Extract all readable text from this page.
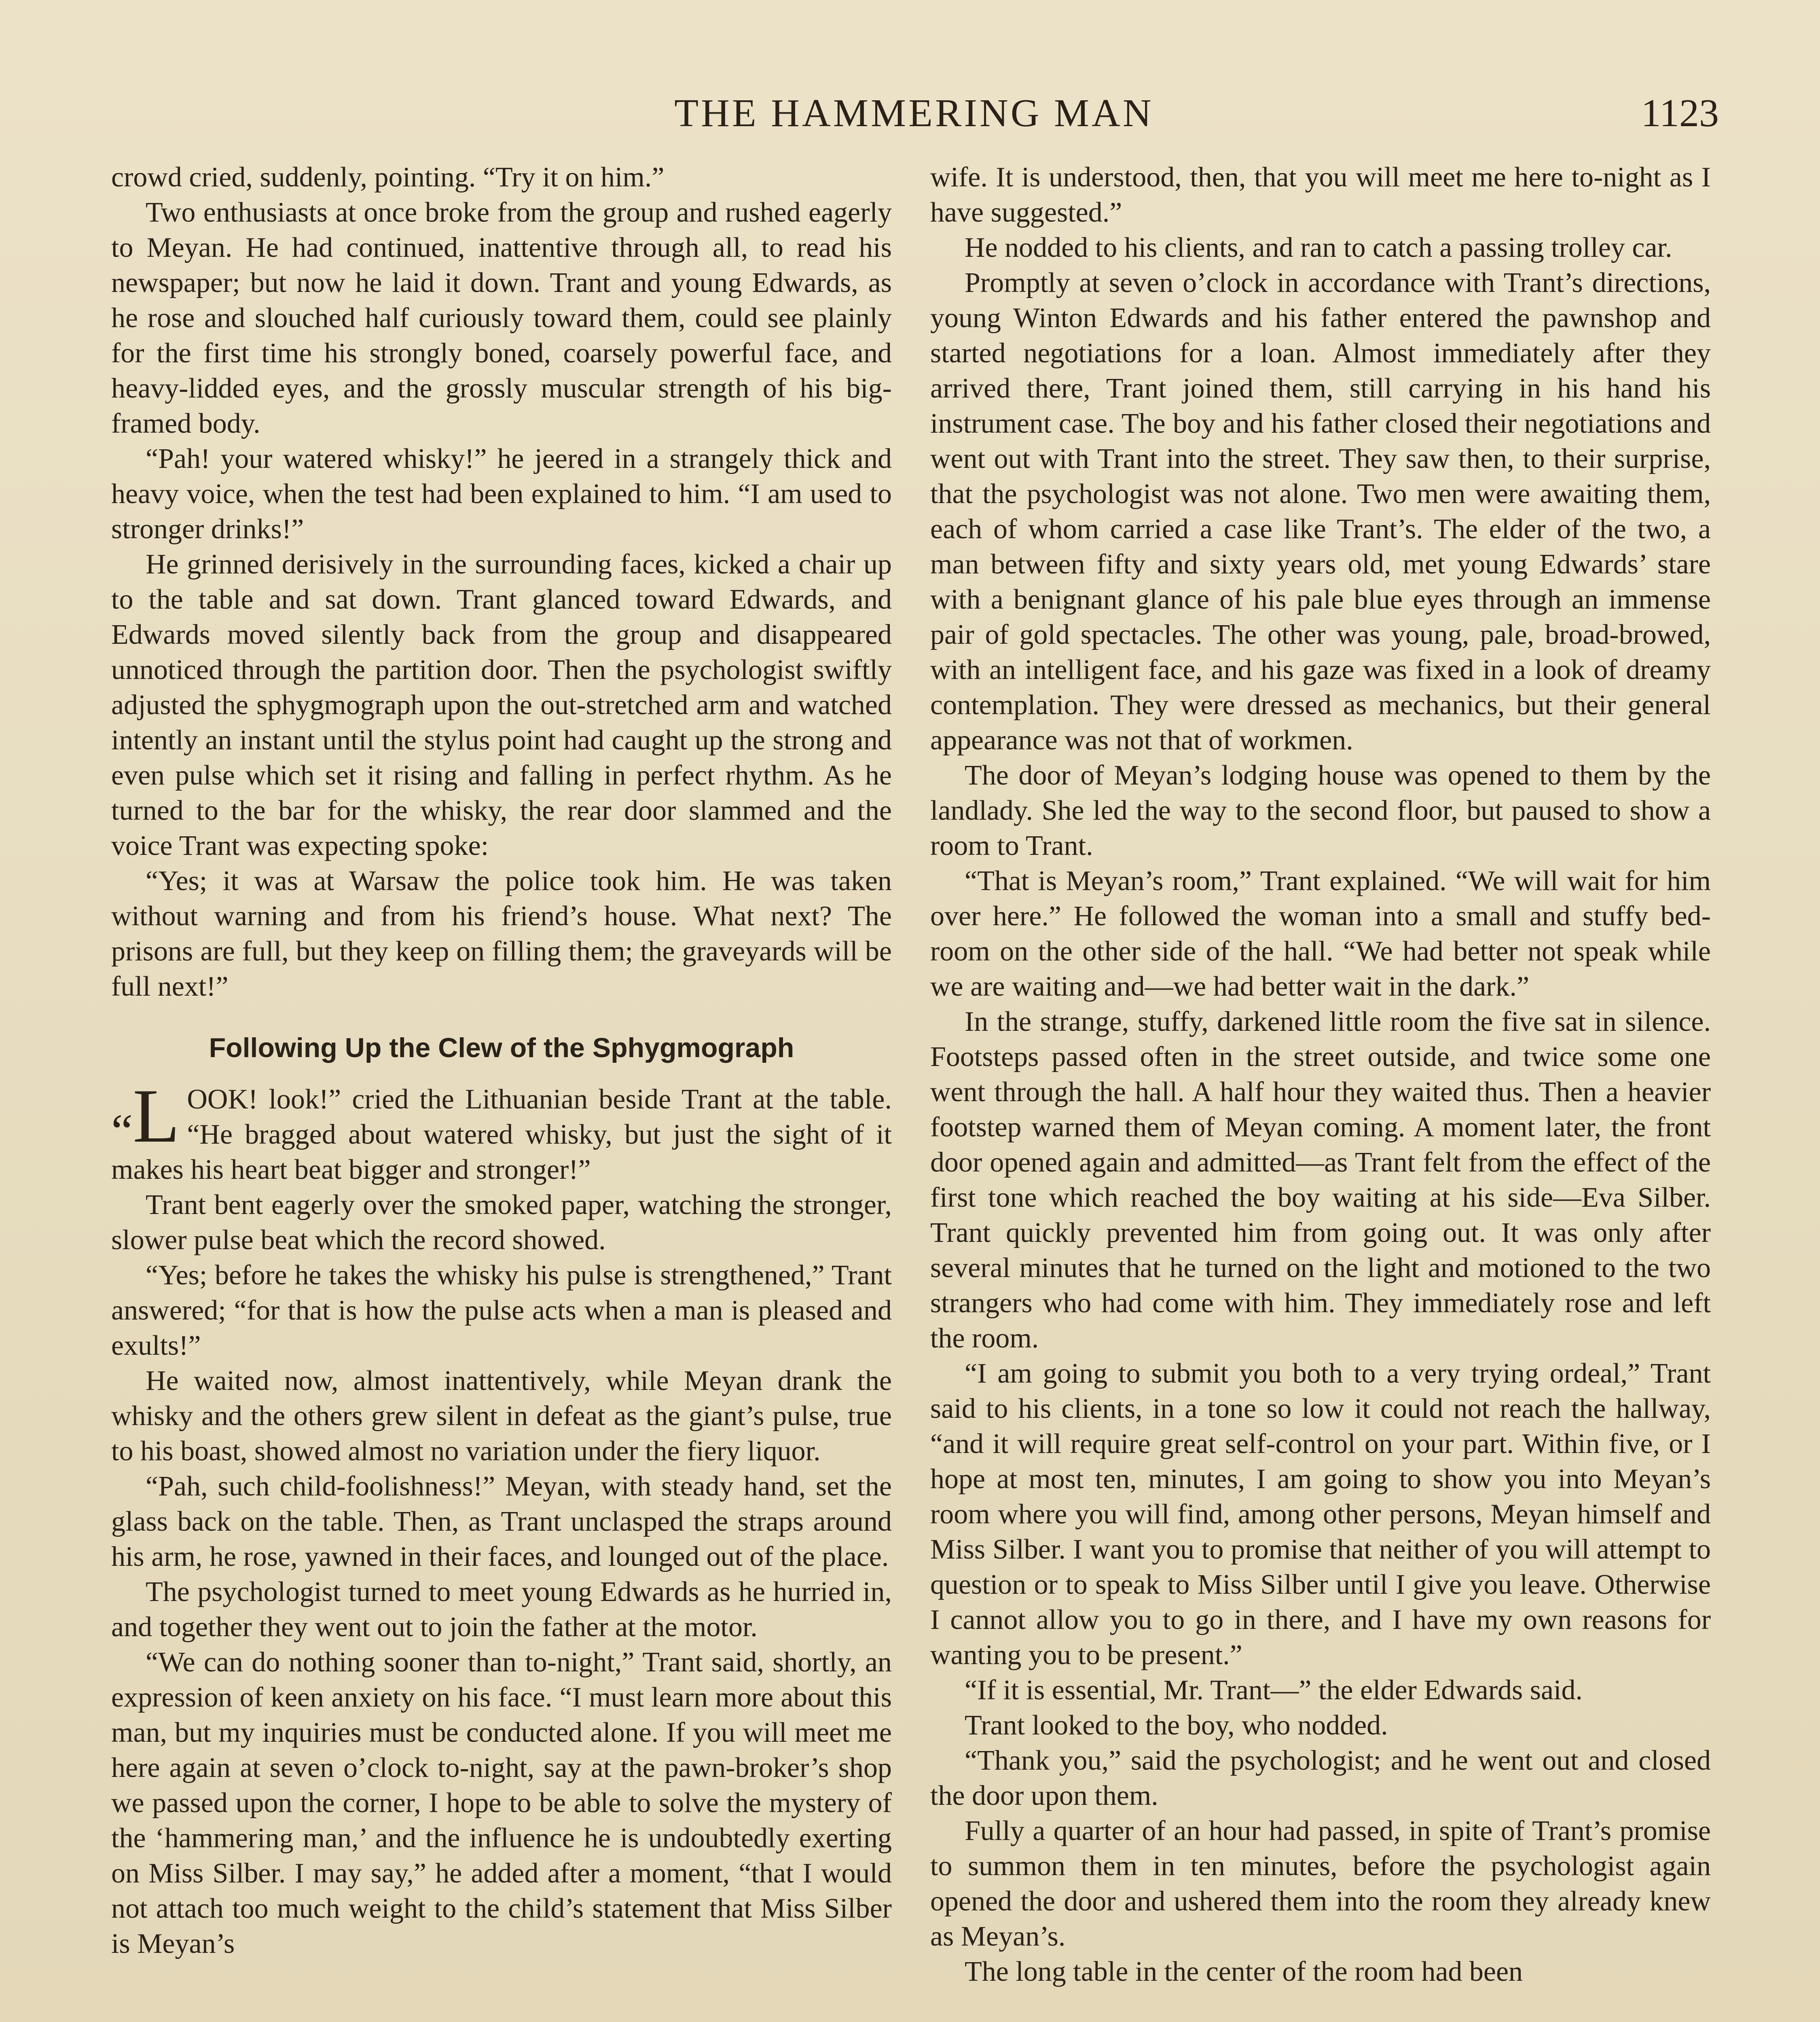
THE HAMMERING MAN	1123

crowd cried, suddenly, pointing. “Try it on him.”

Two enthusiasts at once broke from the group and rushed eagerly to Meyan. He had continued, inattentive through all, to read his newspaper; but now he laid it down. Trant and young Edwards, as he rose and slouched half curiously toward them, could see plainly for the first time his strongly boned, coarsely powerful face, and heavy-lidded eyes, and the grossly muscular strength of his big-framed body.

“Pah! your watered whisky!” he jeered in a strangely thick and heavy voice, when the test had been explained to him. “I am used to stronger drinks!”

He grinned derisively in the surrounding faces, kicked a chair up to the table and sat down. Trant glanced toward Edwards, and Edwards moved silently back from the group and disappeared unnoticed through the partition door. Then the psychologist swiftly adjusted the sphygmograph upon the out-stretched arm and watched intently an instant until the stylus point had caught up the strong and even pulse which set it rising and falling in perfect rhythm. As he turned to the bar for the whisky, the rear door slammed and the voice Trant was expecting spoke:

“Yes; it was at Warsaw the police took him. He was taken without warning and from his friend’s house. What next? The prisons are full, but they keep on filling them; the graveyards will be full next!”

Following Up the Clew of the Sphygmograph

“L OOK! look!” cried the Lithuanian beside Trant at the table. “He bragged about watered whisky, but just the sight of it makes his heart beat bigger and stronger!”

Trant bent eagerly over the smoked paper, watching the stronger, slower pulse beat which the record showed.

“Yes; before he takes the whisky his pulse is strengthened,” Trant answered; “for that is how the pulse acts when a man is pleased and exults!”

He waited now, almost inattentively, while Meyan drank the whisky and the others grew silent in defeat as the giant’s pulse, true to his boast, showed almost no variation under the fiery liquor.

“Pah, such child-foolishness!” Meyan, with steady hand, set the glass back on the table. Then, as Trant unclasped the straps around his arm, he rose, yawned in their faces, and lounged out of the place.

The psychologist turned to meet young Edwards as he hurried in, and together they went out to join the father at the motor.

“We can do nothing sooner than to-night,” Trant said, shortly, an expression of keen anxiety on his face. “I must learn more about this man, but my inquiries must be conducted alone. If you will meet me here again at seven o’clock to-night, say at the pawn-broker’s shop we passed upon the corner, I hope to be able to solve the mystery of the ‘hammering man,’ and the influence he is undoubtedly exerting on Miss Silber. I may say,” he added after a moment, “that I would not attach too much weight to the child’s statement that Miss Silber is Meyan’s

wife. It is understood, then, that you will meet me here to-night as I have suggested.”

He nodded to his clients, and ran to catch a passing trolley car.

Promptly at seven o’clock in accordance with Trant’s directions, young Winton Edwards and his father entered the pawnshop and started negotiations for a loan. Almost immediately after they arrived there, Trant joined them, still carrying in his hand his instrument case. The boy and his father closed their negotiations and went out with Trant into the street. They saw then, to their surprise, that the psychologist was not alone. Two men were awaiting them, each of whom carried a case like Trant’s. The elder of the two, a man between fifty and sixty years old, met young Edwards’ stare with a benignant glance of his pale blue eyes through an immense pair of gold spectacles. The other was young, pale, broad-browed, with an intelligent face, and his gaze was fixed in a look of dreamy contemplation. They were dressed as mechanics, but their general appearance was not that of workmen.

The door of Meyan’s lodging house was opened to them by the landlady. She led the way to the second floor, but paused to show a room to Trant.

“That is Meyan’s room,” Trant explained. “We will wait for him over here.” He followed the woman into a small and stuffy bed-room on the other side of the hall. “We had better not speak while we are waiting and—we had better wait in the dark.”

In the strange, stuffy, darkened little room the five sat in silence. Footsteps passed often in the street outside, and twice some one went through the hall. A half hour they waited thus. Then a heavier footstep warned them of Meyan coming. A moment later, the front door opened again and admitted—as Trant felt from the effect of the first tone which reached the boy waiting at his side—Eva Silber. Trant quickly prevented him from going out. It was only after several minutes that he turned on the light and motioned to the two strangers who had come with him. They immediately rose and left the room.

“I am going to submit you both to a very trying ordeal,” Trant said to his clients, in a tone so low it could not reach the hallway, “and it will require great self-control on your part. Within five, or I hope at most ten, minutes, I am going to show you into Meyan’s room where you will find, among other persons, Meyan himself and Miss Silber. I want you to promise that neither of you will attempt to question or to speak to Miss Silber until I give you leave. Otherwise I cannot allow you to go in there, and I have my own reasons for wanting you to be present.”

“If it is essential, Mr. Trant—” the elder Edwards said.

Trant looked to the boy, who nodded.

“Thank you,” said the psychologist; and he went out and closed the door upon them.

Fully a quarter of an hour had passed, in spite of Trant’s promise to summon them in ten minutes, before the psychologist again opened the door and ushered them into the room they already knew as Meyan’s.

The long table in the center of the room had been
